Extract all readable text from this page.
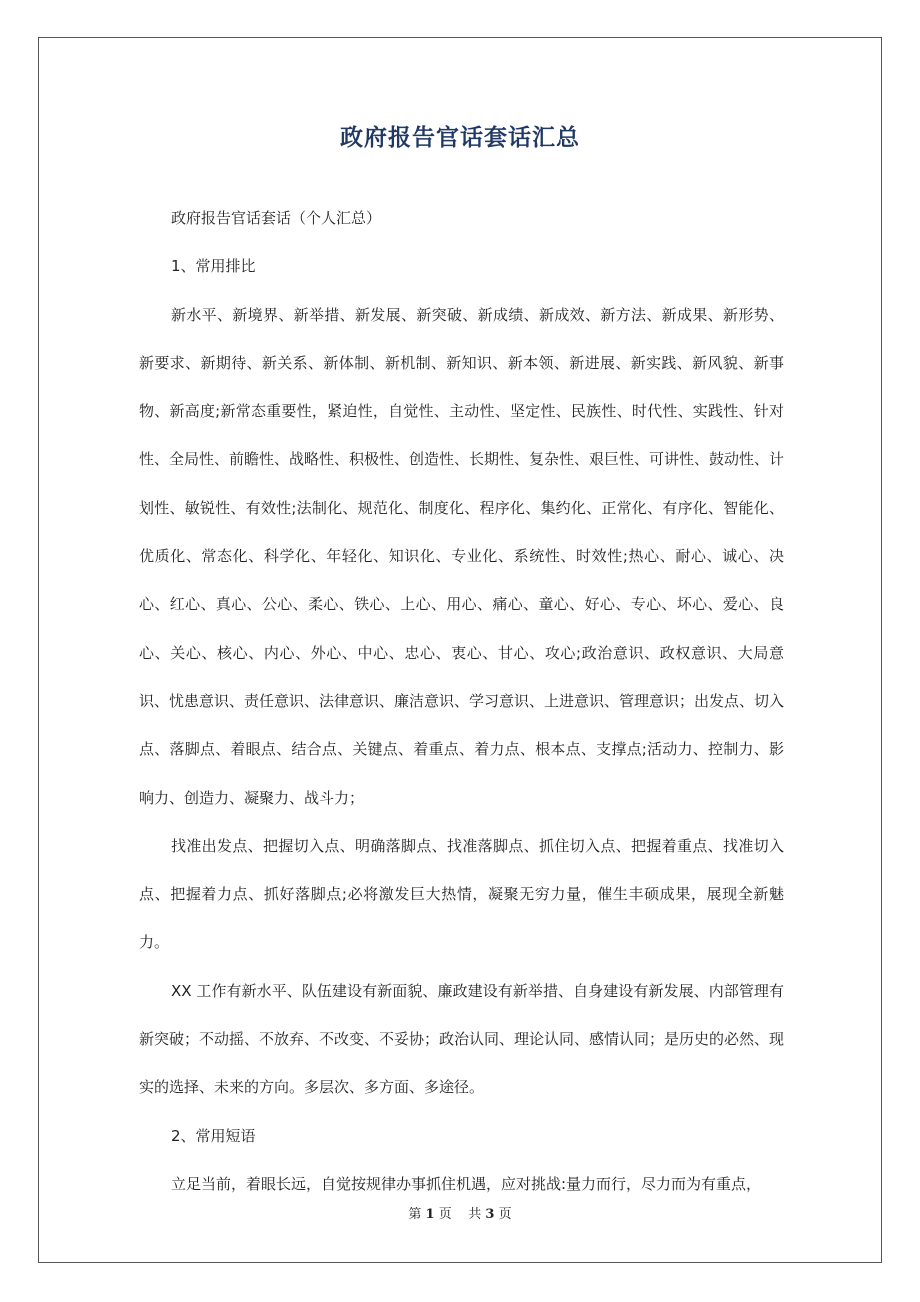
政府报告官话套话汇总

政府报告官话套话（个人汇总）

1、常用排比

新水平、新境界、新举措、新发展、新突破、新成绩、新成效、新方法、新成果、新形势、新要求、新期待、新关系、新体制、新机制、新知识、新本领、新进展、新实践、新风貌、新事物、新高度;新常态重要性，紧迫性，自觉性、主动性、坚定性、民族性、时代性、实践性、针对性、全局性、前瞻性、战略性、积极性、创造性、长期性、复杂性、艰巨性、可讲性、鼓动性、计划性、敏锐性、有效性;法制化、规范化、制度化、程序化、集约化、正常化、有序化、智能化、优质化、常态化、科学化、年轻化、知识化、专业化、系统性、时效性;热心、耐心、诚心、决心、红心、真心、公心、柔心、铁心、上心、用心、痛心、童心、好心、专心、坏心、爱心、良心、关心、核心、内心、外心、中心、忠心、衷心、甘心、攻心;政治意识、政权意识、大局意识、忧患意识、责任意识、法律意识、廉洁意识、学习意识、上进意识、管理意识；出发点、切入点、落脚点、着眼点、结合点、关键点、着重点、着力点、根本点、支撑点;活动力、控制力、影响力、创造力、凝聚力、战斗力；

找准出发点、把握切入点、明确落脚点、找准落脚点、抓住切入点、把握着重点、找准切入点、把握着力点、抓好落脚点;必将激发巨大热情，凝聚无穷力量，催生丰硕成果，展现全新魅力。

XX 工作有新水平、队伍建设有新面貌、廉政建设有新举措、自身建设有新发展、内部管理有新突破；不动摇、不放弃、不改变、不妥协；政治认同、理论认同、感情认同；是历史的必然、现实的选择、未来的方向。多层次、多方面、多途径。

2、常用短语

立足当前，着眼长远，自觉按规律办事抓住机遇，应对挑战:量力而行，尽力而为有重点，

第 1 页 共 3 页
